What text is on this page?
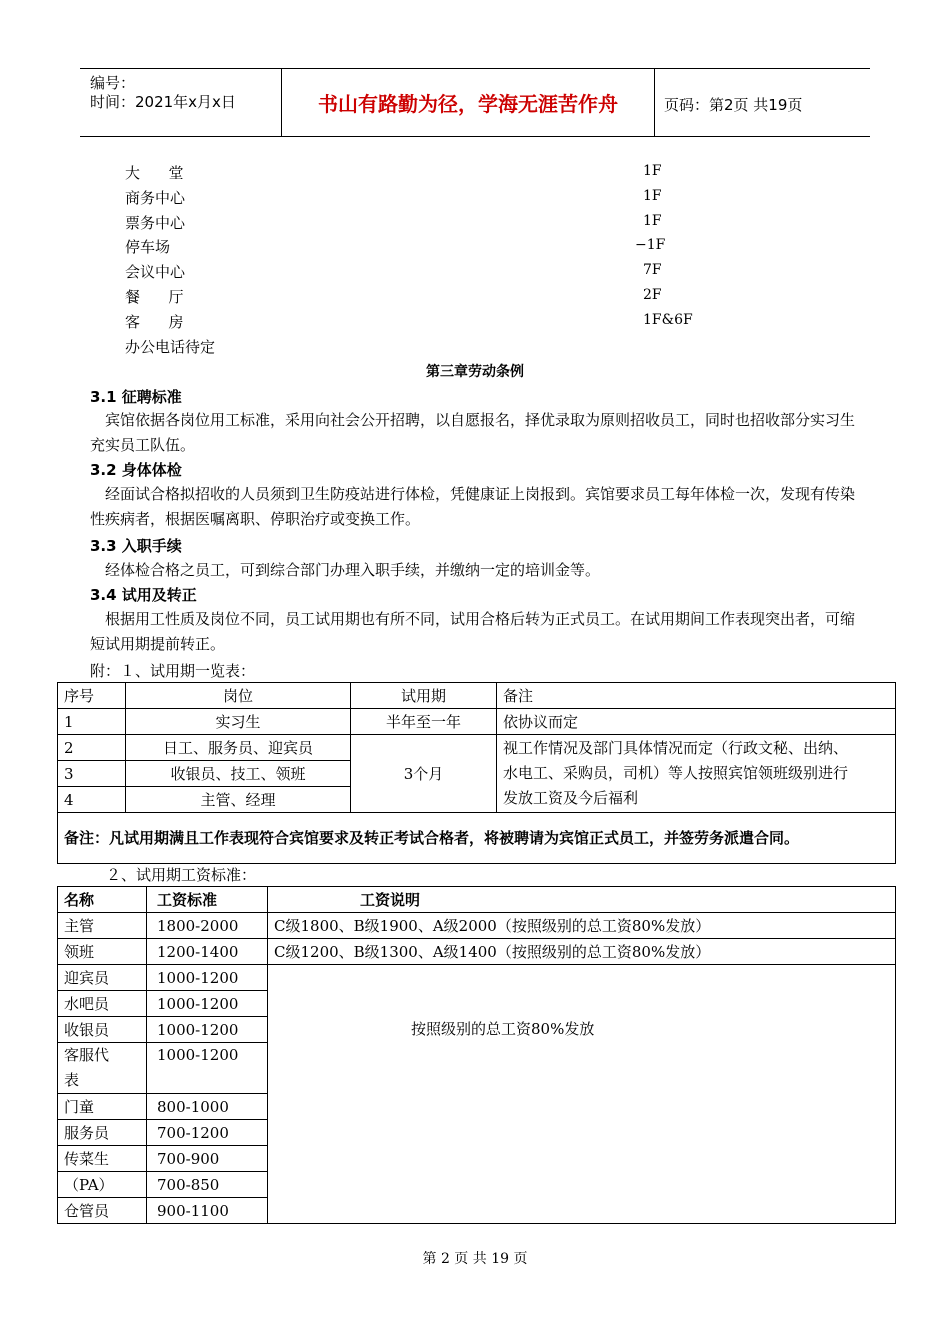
编号：
时间：2021年x月x日	书山有路勤为径，学海无涯苦作舟	页码：第2页 共19页
大堂	1F
商务中心	1F
票务中心	1F
停车场	−1F
会议中心	7F
餐厅	2F
客房	1F&6F
办公电话待定
第三章劳动条例
3.1 征聘标准
宾馆依据各岗位用工标准，采用向社会公开招聘，以自愿报名，择优录取为原则招收员工，同时也招收部分实习生充实员工队伍。
3.2 身体体检
经面试合格拟招收的人员须到卫生防疫站进行体检，凭健康证上岗报到。宾馆要求员工每年体检一次，发现有传染性疾病者，根据医嘱离职、停职治疗或变换工作。
3.3 入职手续
经体检合格之员工，可到综合部门办理入职手续，并缴纳一定的培训金等。
3.4 试用及转正
根据用工性质及岗位不同，员工试用期也有所不同，试用合格后转为正式员工。在试用期间工作表现突出者，可缩短试用期提前转正。
附：１、试用期一览表：
序号	岗位	试用期	备注
1	实习生	半年至一年	依协议而定
2	日工、服务员、迎宾员	3个月	视工作情况及部门具体情况而定（行政文秘、出纳、水电工、采购员，司机）等人按照宾馆领班级别进行发放工资及今后福利
3	收银员、技工、领班		
4	主管、经理		
备注：凡试用期满且工作表现符合宾馆要求及转正考试合格者，将被聘请为宾馆正式员工，并签劳务派遣合同。			
２、试用期工资标准：
名称	工资标准	工资说明
主管	1800-2000	C级1800、B级1900、A级2000（按照级别的总工资80%发放）
领班	1200-1400	C级1200、B级1300、A级1400（按照级别的总工资80%发放）
迎宾员	1000-1200	按照级别的总工资80%发放

水吧员	1000-1200	
收银员	1000-1200	
客服代表	1000-1200	
门童	800-1000	
服务员	700-1200	
传菜生	700-900	
（PA）	700-850	
仓管员	900-1100	
第 2 页 共 19 页
